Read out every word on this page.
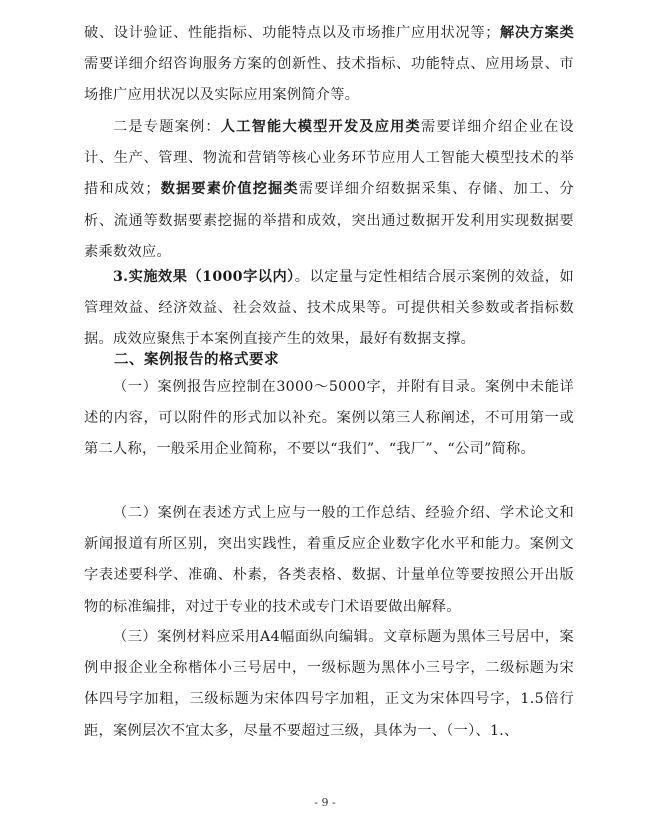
破、设计验证、性能指标、功能特点以及市场推广应用状况等；解决方案类需要详细介绍咨询服务方案的创新性、技术指标、功能特点、应用场景、市场推广应用状况以及实际应用案例简介等。
二是专题案例：人工智能大模型开发及应用类需要详细介绍企业在设计、生产、管理、物流和营销等核心业务环节应用人工智能大模型技术的举措和成效；数据要素价值挖掘类需要详细介绍数据采集、存储、加工、分析、流通等数据要素挖掘的举措和成效，突出通过数据开发利用实现数据要素乘数效应。
3.实施效果（1000字以内）。以定量与定性相结合展示案例的效益，如管理效益、经济效益、社会效益、技术成果等。可提供相关参数或者指标数据。成效应聚焦于本案例直接产生的效果，最好有数据支撑。
二、案例报告的格式要求
（一）案例报告应控制在3000～5000字，并附有目录。案例中未能详述的内容，可以附件的形式加以补充。案例以第三人称阐述，不可用第一或第二人称，一般采用企业简称，不要以“我们”、“我厂”、“公司”简称。
（二）案例在表述方式上应与一般的工作总结、经验介绍、学术论文和新闻报道有所区别，突出实践性，着重反应企业数字化水平和能力。案例文字表述要科学、准确、朴素，各类表格、数据、计量单位等要按照公开出版物的标准编排，对过于专业的技术或专门术语要做出解释。
（三）案例材料应采用A4幅面纵向编辑。文章标题为黑体三号居中，案例申报企业全称楷体小三号居中，一级标题为黑体小三号字，二级标题为宋体四号字加粗，三级标题为宋体四号字加粗，正文为宋体四号字，1.5倍行距，案例层次不宜太多，尽量不要超过三级，具体为一、（一）、1.、
- 9 -
